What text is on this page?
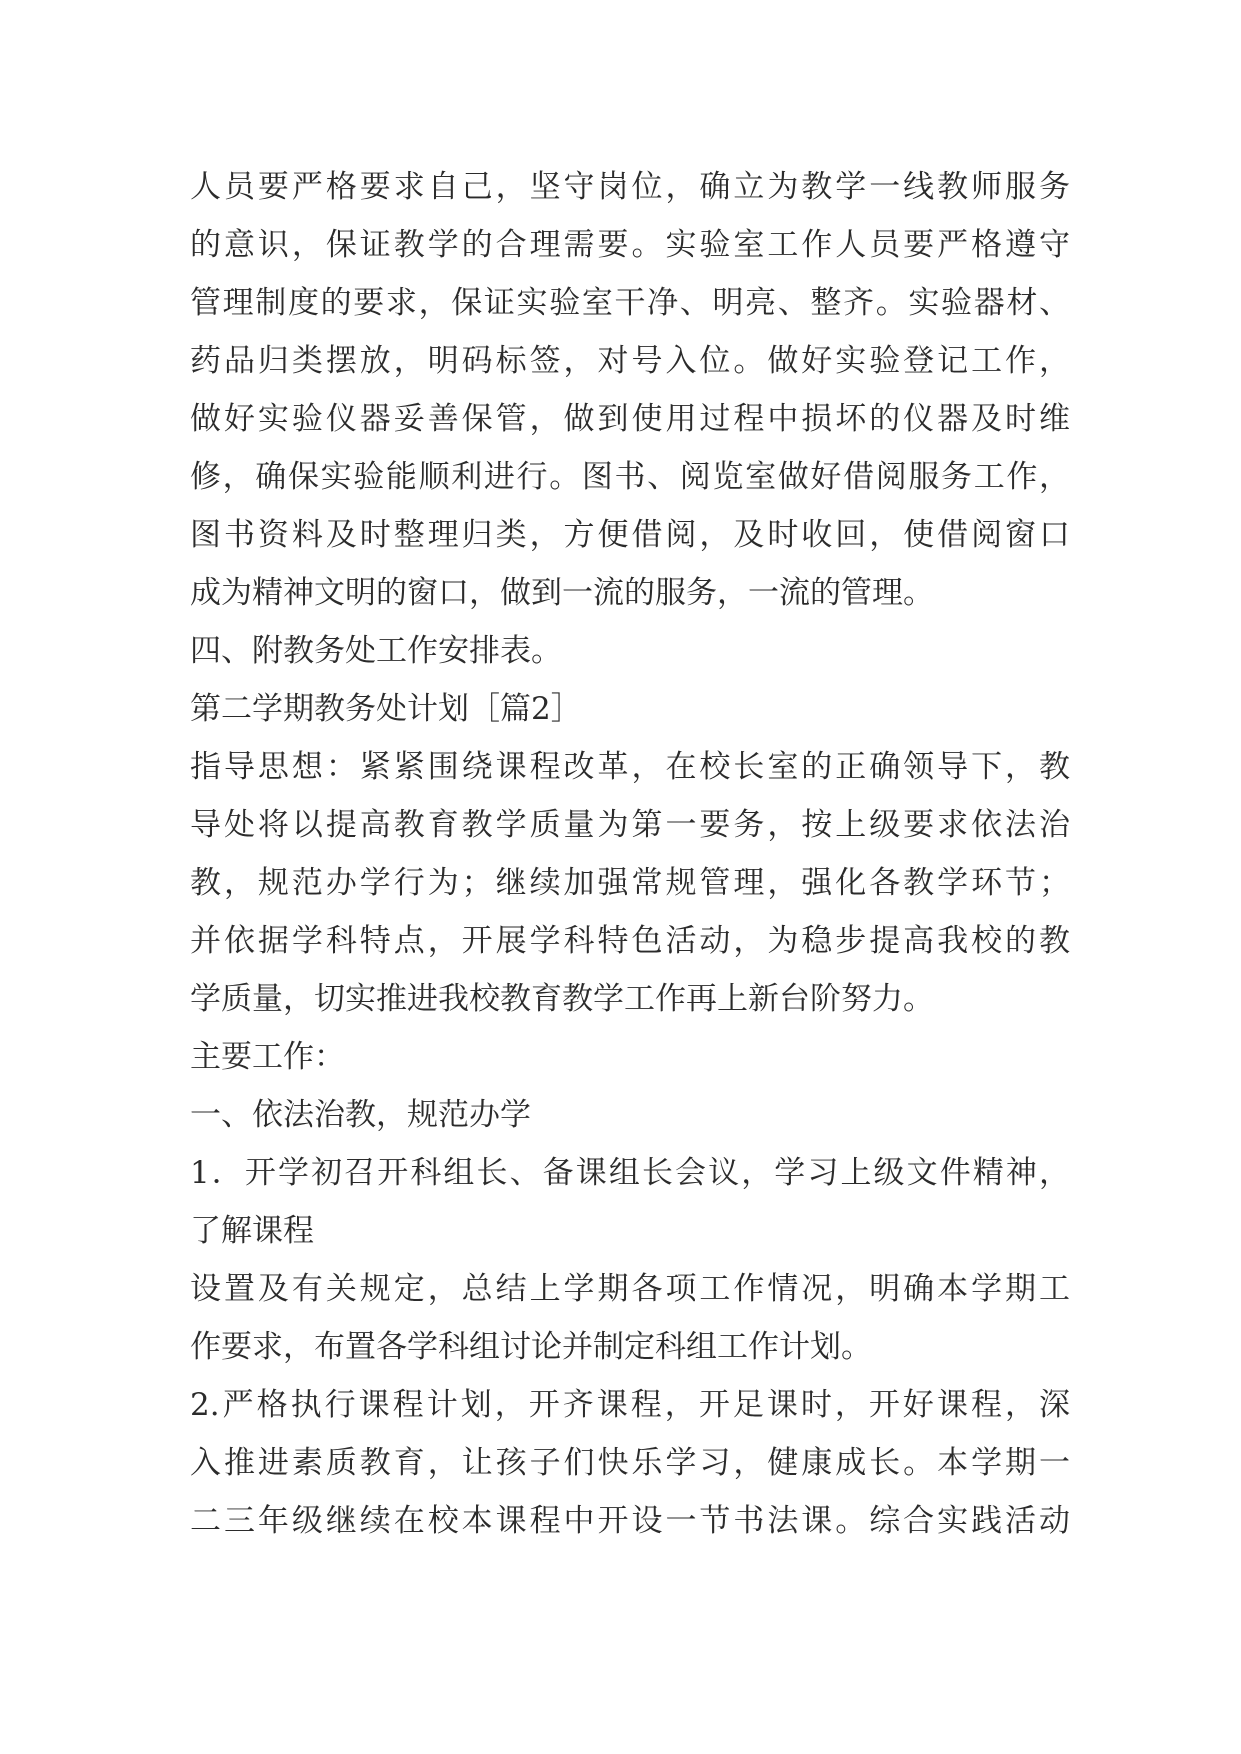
人员要严格要求自己，坚守岗位，确立为教学一线教师服务
的意识，保证教学的合理需要。实验室工作人员要严格遵守
管理制度的要求，保证实验室干净、明亮、整齐。实验器材、
药品归类摆放，明码标签，对号入位。做好实验登记工作，
做好实验仪器妥善保管，做到使用过程中损坏的仪器及时维
修，确保实验能顺利进行。图书、阅览室做好借阅服务工作，
图书资料及时整理归类，方便借阅，及时收回，使借阅窗口
成为精神文明的窗口，做到一流的服务，一流的管理。
四、附教务处工作安排表。
第二学期教务处计划［篇2］
指导思想：紧紧围绕课程改革，在校长室的正确领导下，教
导处将以提高教育教学质量为第一要务，按上级要求依法治
教，规范办学行为；继续加强常规管理，强化各教学环节；
并依据学科特点，开展学科特色活动，为稳步提高我校的教
学质量，切实推进我校教育教学工作再上新台阶努力。
主要工作：
一、依法治教，规范办学
1．开学初召开科组长、备课组长会议，学习上级文件精神，
了解课程
设置及有关规定，总结上学期各项工作情况，明确本学期工
作要求，布置各学科组讨论并制定科组工作计划。
2.严格执行课程计划，开齐课程，开足课时，开好课程，深
入推进素质教育，让孩子们快乐学习，健康成长。本学期一
二三年级继续在校本课程中开设一节书法课。综合实践活动
